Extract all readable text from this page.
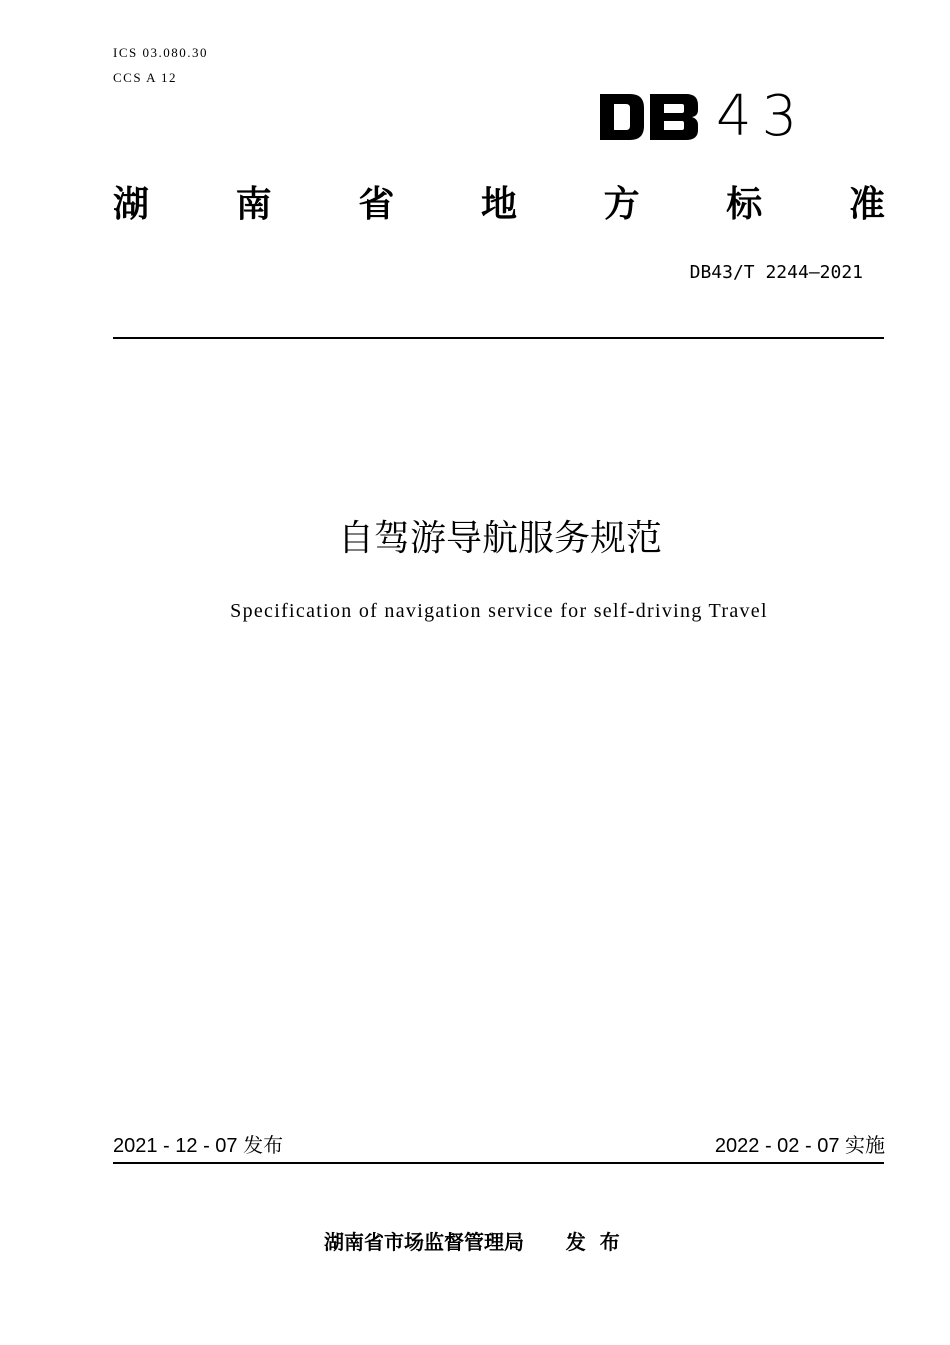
ICS 03.080.30
CCS A 12
43
湖 南 省 地 方 标 准
DB43/T 2244—2021
自驾游导航服务规范
Specification of navigation service for self-driving Travel
2021 - 12 - 07 发布	2022 - 02 - 07 实施
湖南省市场监督管理局      发  布
